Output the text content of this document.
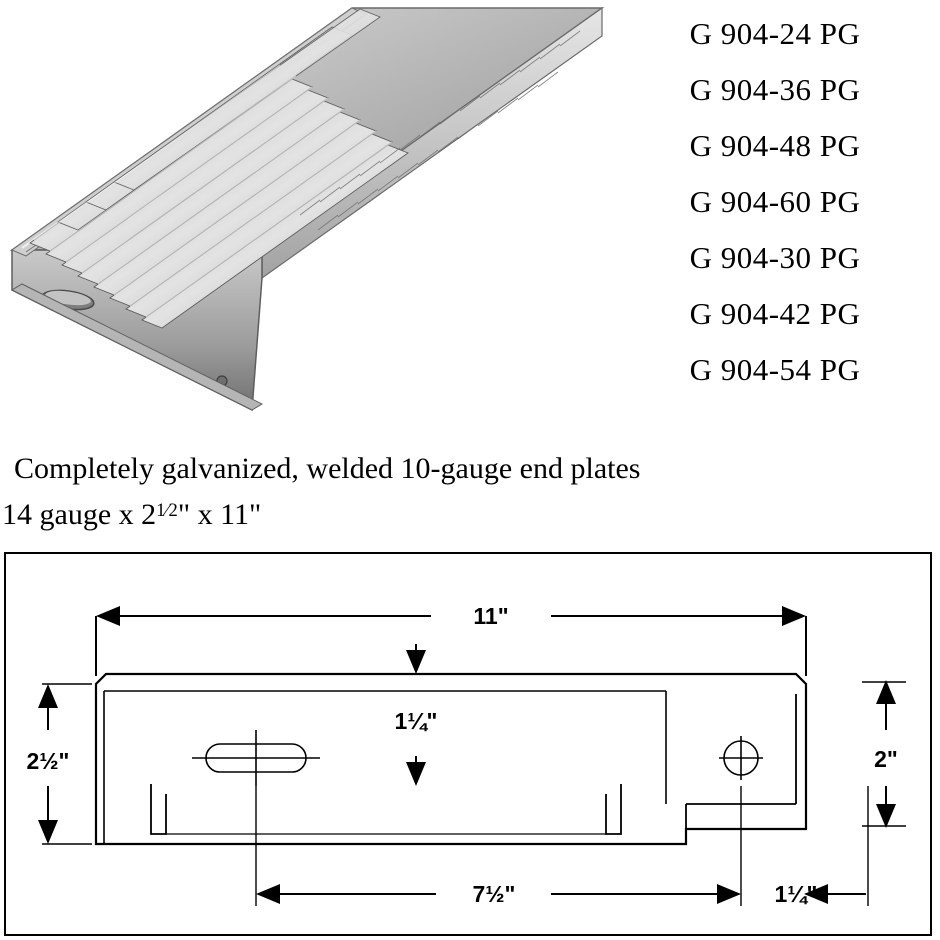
G 904-24 PG
G 904-36 PG
G 904-48 PG
G 904-60 PG
G 904-30 PG
G 904-42 PG
G 904-54 PG
Completely galvanized, welded 10-gauge end plates
14 gauge x 21⁄2" x 11"
11"
2½"	2"
1¼"
7½"	1¼"
